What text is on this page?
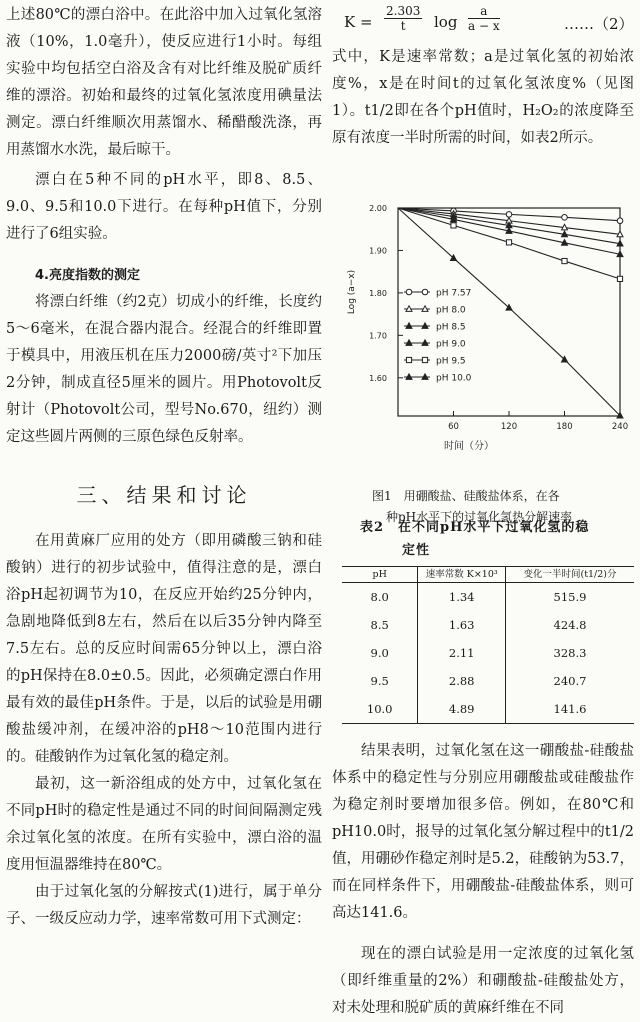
上述80℃的漂白浴中。在此浴中加入过氧化氢溶液（10%，1.0毫升），使反应进行1小时。每组实验中均包括空白浴及含有对比纤维及脱矿质纤维的漂浴。初始和最终的过氧化氢浓度用碘量法测定。漂白纤维顺次用蒸馏水、稀醋酸洗涤，再用蒸馏水水洗，最后晾干。

漂白在5种不同的pH水平，即8、8.5、9.0、9.5和10.0下进行。在每种pH值下，分别进行了6组实验。

4.亮度指数的测定

将漂白纤维（约2克）切成小的纤维，长度约5～6毫米，在混合器内混合。经混合的纤维即置于模具中，用液压机在压力2000磅/英寸²下加压2分钟，制成直径5厘米的圆片。用Photovolt反射计（Photovolt公司，型号No.670，纽约）测定这些圆片两侧的三原色绿色反射率。

三、结果和讨论

在用黄麻厂应用的处方（即用磷酸三钠和硅酸钠）进行的初步试验中，值得注意的是，漂白浴pH起初调节为10，在反应开始约25分钟内，急剧地降低到8左右，然后在以后35分钟内降至7.5左右。总的反应时间需65分钟以上，漂白浴的pH保持在8.0±0.5。因此，必须确定漂白作用最有效的最佳pH条件。于是，以后的试验是用硼酸盐缓冲剂，在缓冲浴的pH8～10范围内进行的。硅酸钠作为过氧化氢的稳定剂。

最初，这一新浴组成的处方中，过氧化氢在不同pH时的稳定性是通过不同的时间间隔测定残余过氧化氢的浓度。在所有实验中，漂白浴的温度用恒温器维持在80℃。

由于过氧化氢的分解按式(1)进行，属于单分子、一级反应动力学，速率常数可用下式测定：

$K = \frac{2.303}{t}$ $\log \frac{a}{a - x}$	……（2）

式中，K是速率常数；a是过氧化氢的初始浓度%，x是在时间t的过氧化氢浓度%（见图1）。t1/2即在各个pH值时，H₂O₂的浓度降至原有浓度一半时所需的时间，如表2所示。

2.00
1.90
1.80
1.70
1.60
60	120	180	240
时间（分）
Log (a−x)	pH 7.57
pH 8.0
pH 8.5
pH 9.0
pH 9.5
pH 10.0
图1　用硼酸盐、硅酸盐体系，在各
种pH水平下的过氧化氢热分解速率
表2　在不同pH水平下过氧化氢的稳
定性
pH	速率常数 K×10³	变化一半时间(t1/2)分
8.0	1.34	515.9
8.5	1.63	424.8
9.0	2.11	328.3
9.5	2.88	240.7
10.0	4.89	141.6

结果表明，过氧化氢在这一硼酸盐-硅酸盐体系中的稳定性与分别应用硼酸盐或硅酸盐作为稳定剂时要增加很多倍。例如，在80℃和pH10.0时，报导的过氧化氢分解过程中的t1/2值，用硼砂作稳定剂时是5.2，硅酸钠为53.7，而在同样条件下，用硼酸盐-硅酸盐体系，则可高达141.6。

现在的漂白试验是用一定浓度的过氧化氢（即纤维重量的2%）和硼酸盐-硅酸盐处方，对未处理和脱矿质的黄麻纤维在不同
